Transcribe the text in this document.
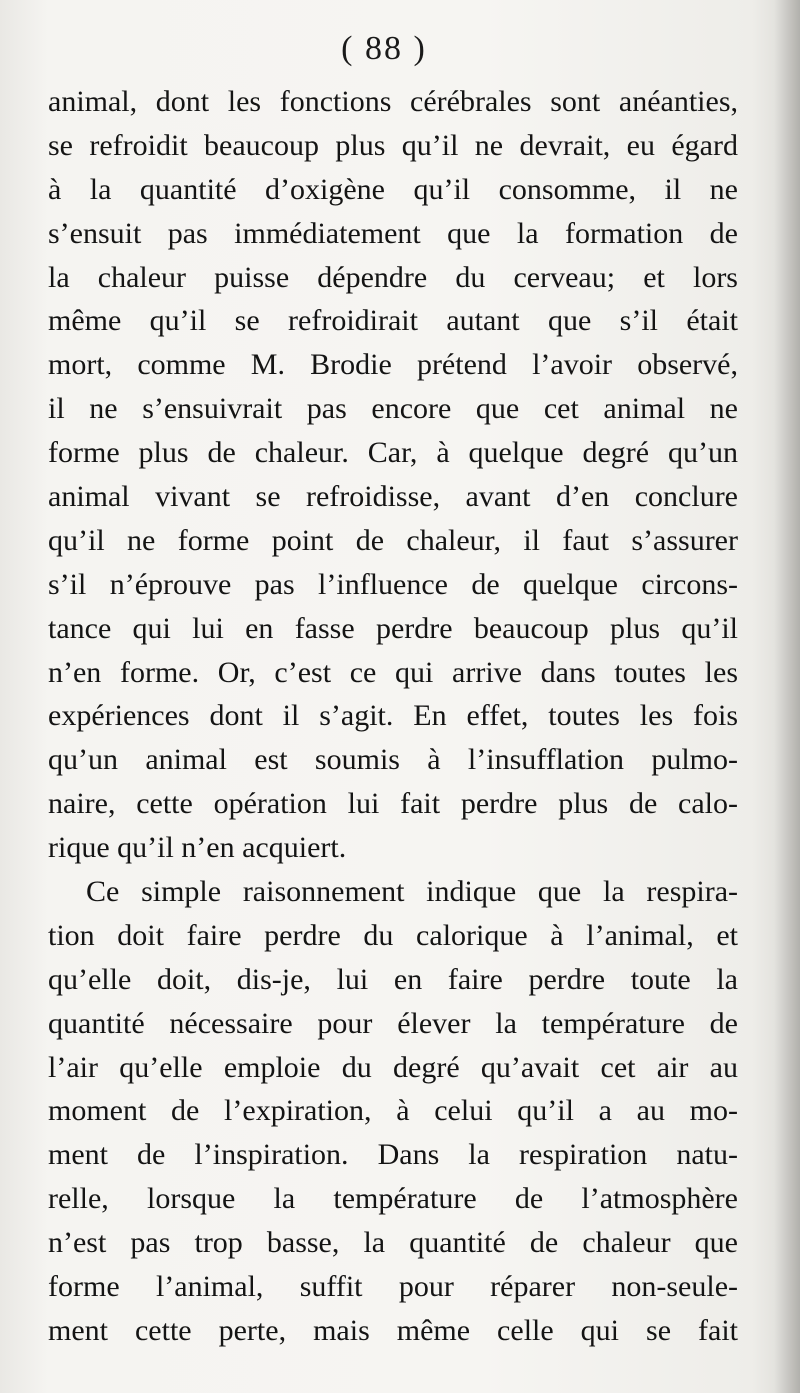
( 88 )
animal, dont les fonctions cérébrales sont anéanties,
se refroidit beaucoup plus qu’il ne devrait, eu égard
à la quantité d’oxigène qu’il consomme, il ne
s’ensuit pas immédiatement que la formation de
la chaleur puisse dépendre du cerveau; et lors
même qu’il se refroidirait autant que s’il était
mort, comme M. Brodie prétend l’avoir observé,
il ne s’ensuivrait pas encore que cet animal ne
forme plus de chaleur. Car, à quelque degré qu’un
animal vivant se refroidisse, avant d’en conclure
qu’il ne forme point de chaleur, il faut s’assurer
s’il n’éprouve pas l’influence de quelque circons-
tance qui lui en fasse perdre beaucoup plus qu’il
n’en forme. Or, c’est ce qui arrive dans toutes les
expériences dont il s’agit. En effet, toutes les fois
qu’un animal est soumis à l’insufflation pulmo-
naire, cette opération lui fait perdre plus de calo-
rique qu’il n’en acquiert.
Ce simple raisonnement indique que la respira-
tion doit faire perdre du calorique à l’animal, et
qu’elle doit, dis-je, lui en faire perdre toute la
quantité nécessaire pour élever la température de
l’air qu’elle emploie du degré qu’avait cet air au
moment de l’expiration, à celui qu’il a au mo-
ment de l’inspiration. Dans la respiration natu-
relle, lorsque la température de l’atmosphère
n’est pas trop basse, la quantité de chaleur que
forme l’animal, suffit pour réparer non-seule-
ment cette perte, mais même celle qui se fait
